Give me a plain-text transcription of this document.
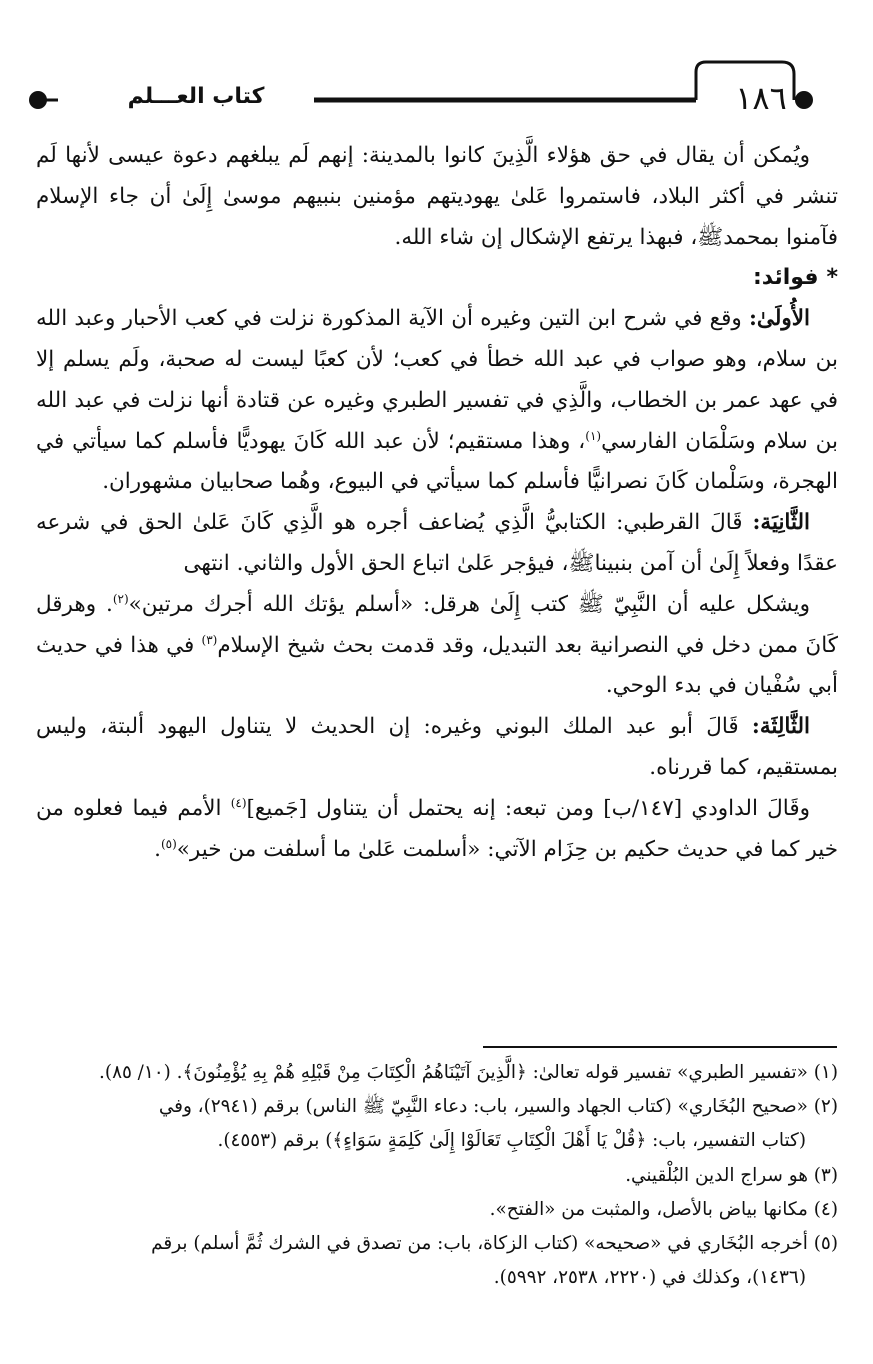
١٨٦
كتاب العـــلم

ويُمكن أن يقال في حق هؤلاء الَّذِينَ كانوا بالمدينة: إنهم لَم يبلغهم دعوة عيسى لأنها لَم تنشر في أكثر البلاد، فاستمروا عَلىٰ يهوديتهم مؤمنين بنبيهم موسىٰ إِلَىٰ أن جاء الإسلام فآمنوا بمحمدﷺ، فبهذا يرتفع الإشكال إن شاء الله.

*فوائد:

الأُولَىٰ: وقع في شرح ابن التين وغيره أن الآية المذكورة نزلت في كعب الأحبار وعبد الله بن سلام، وهو صواب في عبد الله خطأ في كعب؛ لأن كعبًا ليست له صحبة، ولَم يسلم إلا في عهد عمر بن الخطاب، والَّذِي في تفسير الطبري وغيره عن قتادة أنها نزلت في عبد الله بن سلام وسَلْمَان الفارسي$^{(١)}$، وهذا مستقيم؛ لأن عبد الله كَانَ يهوديًّا فأسلم كما سيأتي في الهجرة، وسَلْمان كَانَ نصرانيًّا فأسلم كما سيأتي في البيوع، وهُما صحابيان مشهوران.

الثَّانِيَة: قَالَ القرطبي: الكتابيُّ الَّذِي يُضاعف أجره هو الَّذِي كَانَ عَلىٰ الحق في شرعه عقدًا وفعلاً إِلَىٰ أن آمن بنبيناﷺ، فيؤجر عَلىٰ اتباع الحق الأول والثاني. انتهى

ويشكل عليه أن النَّبِيّ ﷺ كتب إِلَىٰ هرقل: «أسلم يؤتك الله أجرك مرتين»$^{(٢)}$. وهرقل كَانَ ممن دخل في النصرانية بعد التبديل، وقد قدمت بحث شيخ الإسلام$^{(٣)}$ في هذا في حديث أبي سُفْيان في بدء الوحي.

الثَّالِثَة: قَالَ أبو عبد الملك البوني وغيره: إن الحديث لا يتناول اليهود ألبتة، وليس بمستقيم، كما قررناه.

وقَالَ الداودي [١٤٧/ب] ومن تبعه: إنه يحتمل أن يتناول [جَميع]$^{(٤)}$ الأمم فيما فعلوه من خير كما في حديث حكيم بن حِزَام الآتي: «أسلمت عَلىٰ ما أسلفت من خير»$^{(٥)}$.

(١) «تفسير الطبري» تفسير قوله تعالىٰ: ﴿الَّذِينَ آتَيْنَاهُمُ الْكِتَابَ مِنْ قَبْلِهِ هُمْ بِهِ يُؤْمِنُونَ﴾. (١٠/ ٨٥).

(٢) «صحيح البُخَاري» (كتاب الجهاد والسير، باب: دعاء النَّبِيّ ﷺ الناس) برقم (٢٩٤١)، وفي

(كتاب التفسير، باب: ﴿قُلْ يَا أَهْلَ الْكِتَابِ تَعَالَوْا إِلَىٰ كَلِمَةٍ سَوَاءٍ﴾) برقم (٤٥٥٣).

(٣) هو سراج الدين البُلْقيني.

(٤) مكانها بياض بالأصل، والمثبت من «الفتح».

(٥) أخرجه البُخَاري في «صحيحه» (كتاب الزكاة، باب: من تصدق في الشرك ثُمَّ أسلم) برقم

(١٤٣٦)، وكذلك في (٢٢٢٠، ٢٥٣٨، ٥٩٩٢).
